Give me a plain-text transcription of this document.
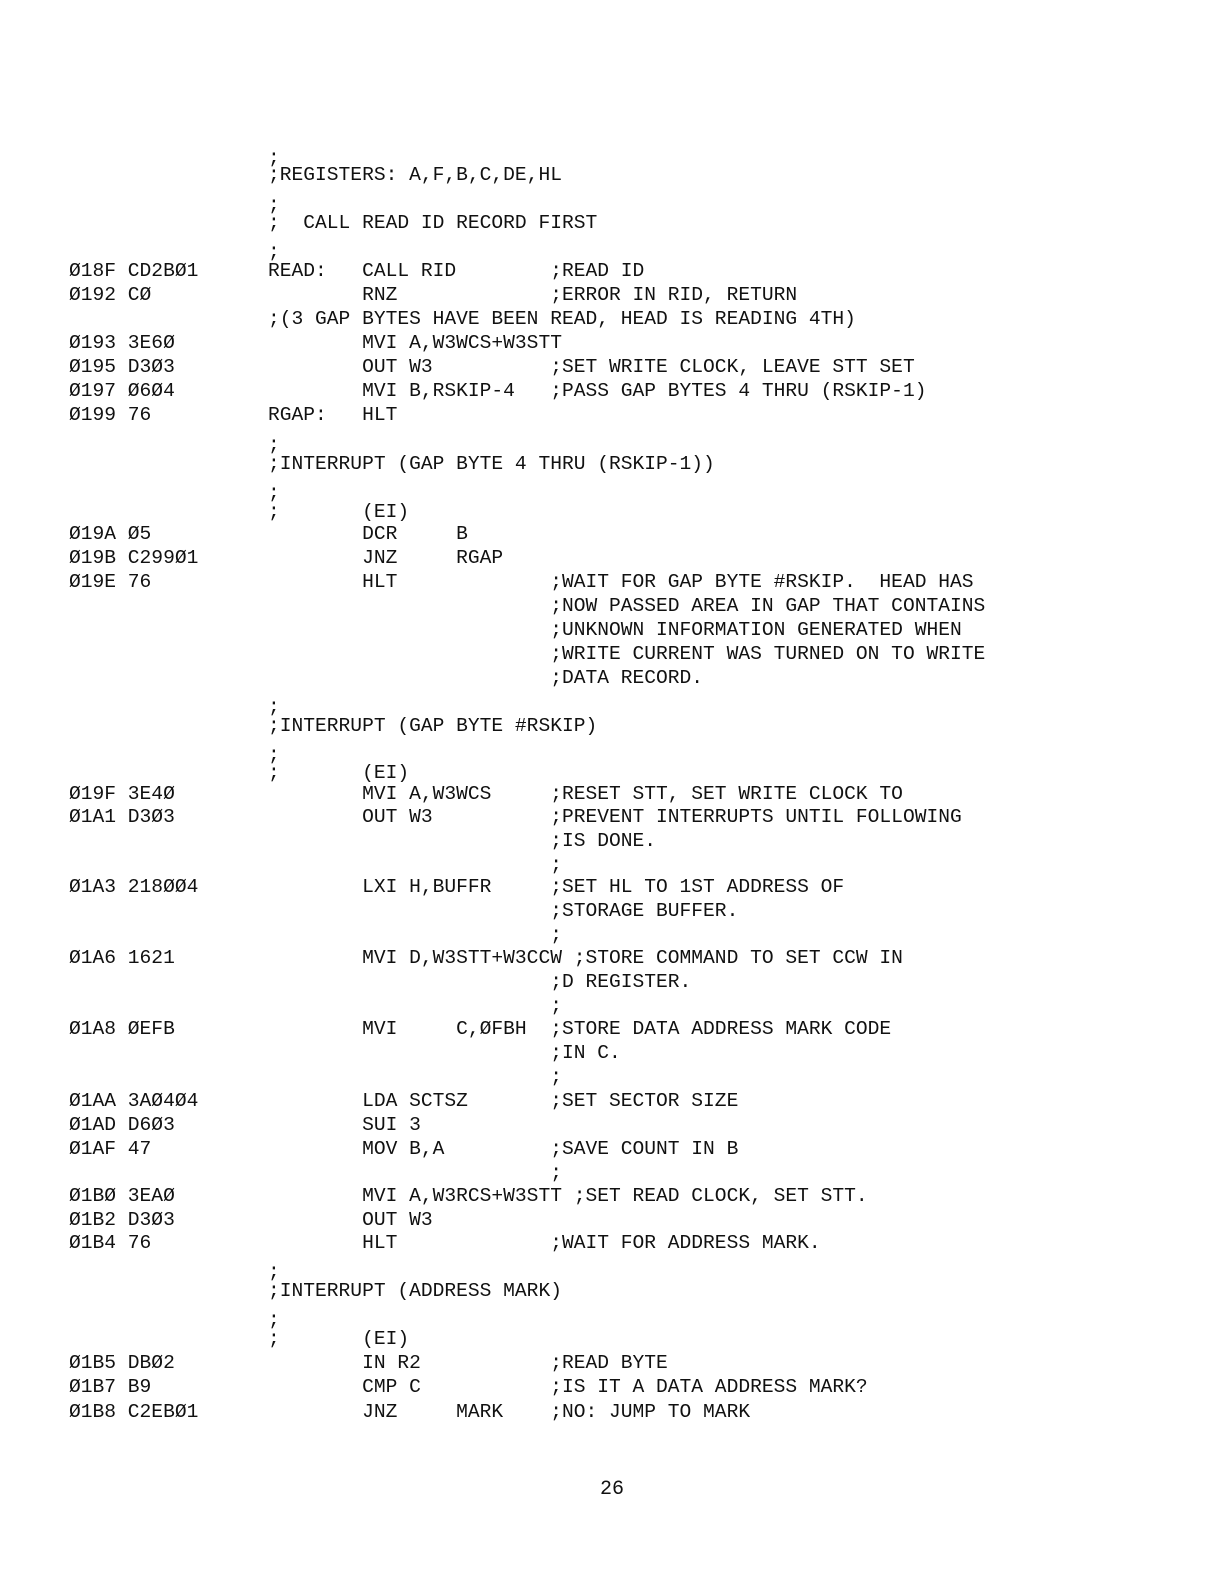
;
;REGISTERS: A,F,B,C,DE,HL
;
;  CALL READ ID RECORD FIRST
;
Ø18F CD2BØ1	READ:   CALL RID        ;READ ID
Ø192 CØ	RNZ             ;ERROR IN RID, RETURN
;(3 GAP BYTES HAVE BEEN READ, HEAD IS READING 4TH)
Ø193 3E6Ø	MVI A,W3WCS+W3STT
Ø195 D3Ø3	OUT W3          ;SET WRITE CLOCK, LEAVE STT SET
Ø197 Ø6Ø4	MVI B,RSKIP-4   ;PASS GAP BYTES 4 THRU (RSKIP-1)
Ø199 76	RGAP:   HLT
;
;INTERRUPT (GAP BYTE 4 THRU (RSKIP-1))
;
;       (EI)
Ø19A Ø5	DCR     B
Ø19B C299Ø1	JNZ     RGAP
Ø19E 76	HLT             ;WAIT FOR GAP BYTE #RSKIP.  HEAD HAS
;NOW PASSED AREA IN GAP THAT CONTAINS
;UNKNOWN INFORMATION GENERATED WHEN
;WRITE CURRENT WAS TURNED ON TO WRITE
;DATA RECORD.
;
;INTERRUPT (GAP BYTE #RSKIP)
;
;       (EI)
Ø19F 3E4Ø	MVI A,W3WCS     ;RESET STT, SET WRITE CLOCK TO
Ø1A1 D3Ø3	OUT W3          ;PREVENT INTERRUPTS UNTIL FOLLOWING
;IS DONE.
;
Ø1A3 218ØØ4	LXI H,BUFFR     ;SET HL TO 1ST ADDRESS OF
;STORAGE BUFFER.
;
Ø1A6 1621	MVI D,W3STT+W3CCW ;STORE COMMAND TO SET CCW IN
;D REGISTER.
;
Ø1A8 ØEFB	MVI     C,ØFBH  ;STORE DATA ADDRESS MARK CODE
;IN C.
;
Ø1AA 3AØ4Ø4	LDA SCTSZ       ;SET SECTOR SIZE
Ø1AD D6Ø3	SUI 3
Ø1AF 47	MOV B,A         ;SAVE COUNT IN B
;
Ø1BØ 3EAØ	MVI A,W3RCS+W3STT ;SET READ CLOCK, SET STT.
Ø1B2 D3Ø3	OUT W3
Ø1B4 76	HLT             ;WAIT FOR ADDRESS MARK.
;
;INTERRUPT (ADDRESS MARK)
;
;       (EI)
Ø1B5 DBØ2	IN R2           ;READ BYTE
Ø1B7 B9	CMP C           ;IS IT A DATA ADDRESS MARK?
Ø1B8 C2EBØ1	JNZ     MARK    ;NO: JUMP TO MARK
26
